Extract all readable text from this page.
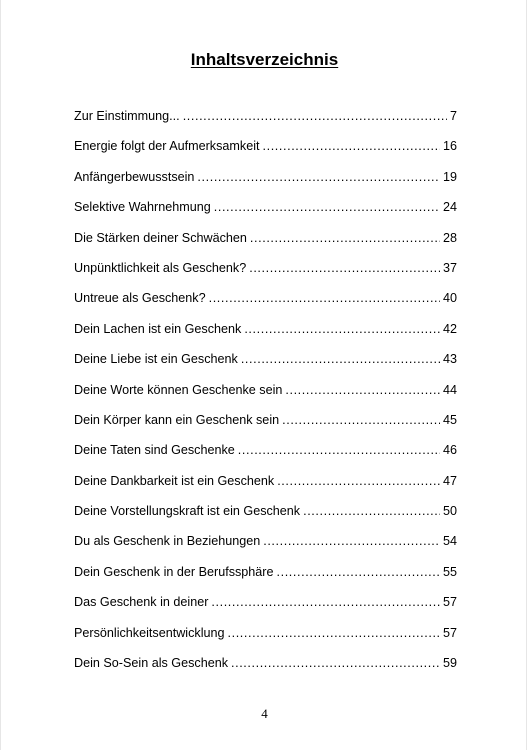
Inhaltsverzeichnis
Zur Einstimmung... .....	7
Energie folgt der Aufmerksamkeit .....	16
Anfängerbewusstsein .....	19
Selektive Wahrnehmung .....	24
Die Stärken deiner Schwächen .....	28
Unpünktlichkeit als Geschenk? .....	37
Untreue als Geschenk? .....	40
Dein Lachen ist ein Geschenk .....	42
Deine Liebe ist ein Geschenk .....	43
Deine Worte können Geschenke sein .....	44
Dein Körper kann ein Geschenk sein .....	45
Deine Taten sind Geschenke .....	46
Deine Dankbarkeit ist ein Geschenk .....	47
Deine Vorstellungskraft ist ein Geschenk .....	50
Du als Geschenk in Beziehungen .....	54
Dein Geschenk in der Berufssphäre .....	55
Das Geschenk in deiner .....	57
Persönlichkeitsentwicklung .....	57
Dein So-Sein als Geschenk .....	59
4
